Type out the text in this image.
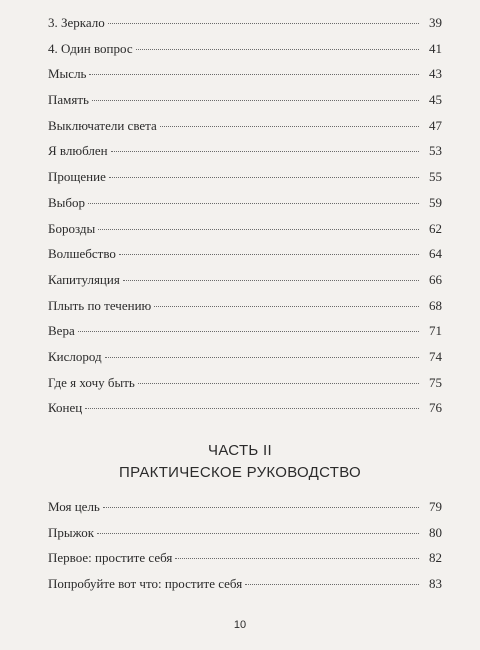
3. Зеркало	39
4. Один вопрос	41
Мысль	43
Память	45
Выключатели света	47
Я влюблен	53
Прощение	55
Выбор	59
Борозды	62
Волшебство	64
Капитуляция	66
Плыть по течению	68
Вера	71
Кислород	74
Где я хочу быть	75
Конец	76
ЧАСТЬ II
ПРАКТИЧЕСКОЕ РУКОВОДСТВО
Моя цель	79
Прыжок	80
Первое: простите себя	82
Попробуйте вот что: простите себя	83
10
